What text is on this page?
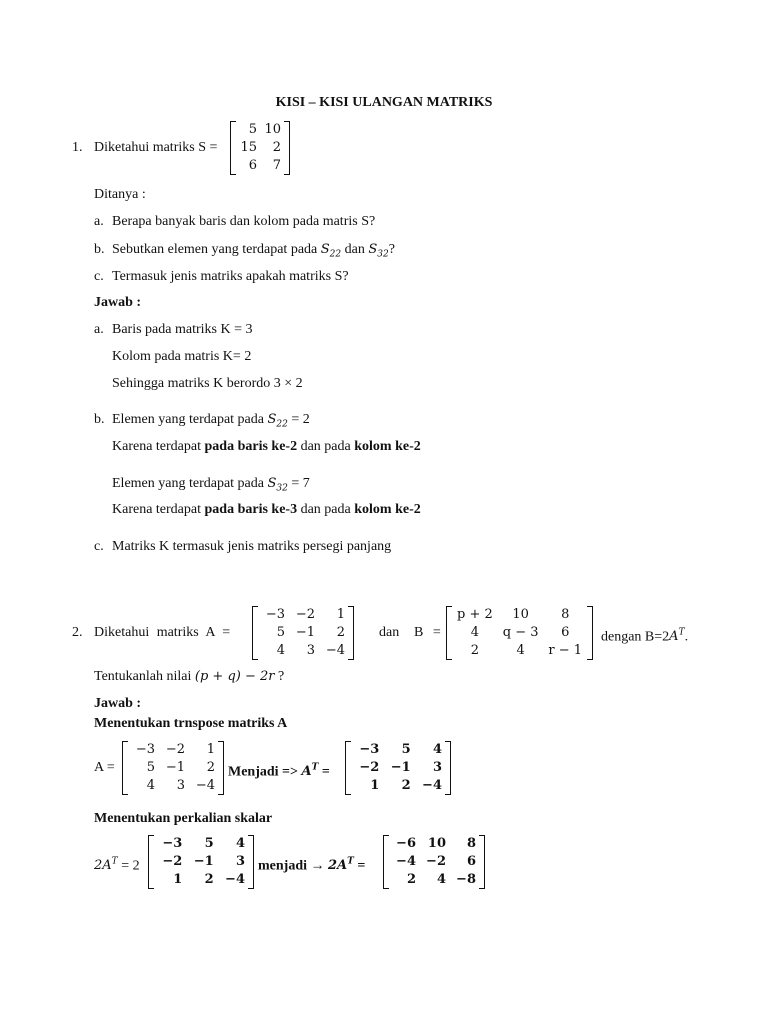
KISI – KISI ULANGAN MATRIKS
1. Diketahui matriks S =
5	10
15	2
6	7
Ditanya :
a. Berapa banyak baris dan kolom pada matris S?
b. Sebutkan elemen yang terdapat pada $S_{22}$ dan $S_{32}$?
c. Termasuk jenis matriks apakah matriks S?
Jawab :
a. Baris pada matriks K = 3
Kolom pada matris K= 2
Sehingga matriks K berordo 3 × 2
b. Elemen yang terdapat pada $S_{22} = 2$
Karena terdapat pada baris ke-2 dan pada kolom ke-2
Elemen yang terdapat pada $S_{32} = 7$
Karena terdapat pada baris ke-3 dan pada kolom ke-2
c. Matriks K termasuk jenis matriks persegi panjang
2. Diketahui matriks A =
−3	−2	1
5	−1	2
4	3	−4
dan B =
p + 2	10	8
4	q − 3	6
2	4	r − 1
dengan $B=2A^T$.
Tentukanlah nilai (p + q) − 2r ?
Jawab :
Menentukan trnspose matriks A
A =
−3	−2	1
5	−1	2
4	3	−4
Menjadi => $A^T$ =
−3	5	4
−2	−1	3
1	2	−4
Menentukan perkalian skalar
$2A^T = 2$
−3	5	4
−2	−1	3
1	2	−4
menjadi → $2A^T$ =
−6	10	8
−4	−2	6
2	4	−8
